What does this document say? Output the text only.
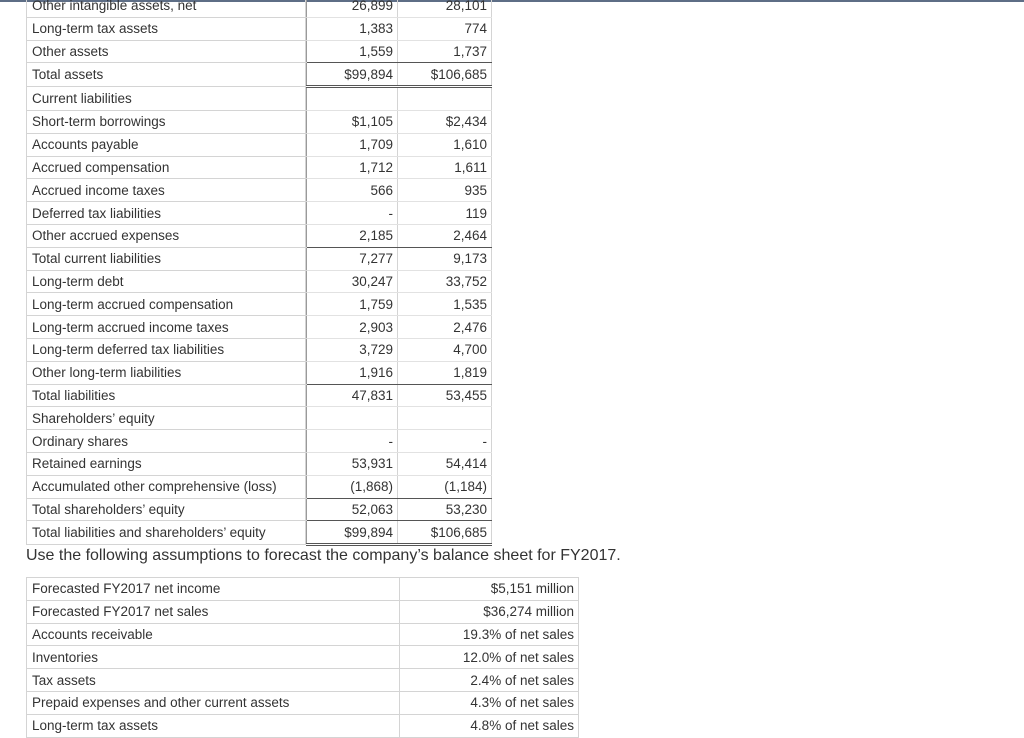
Other intangible assets, net		26,899	28,101
Long-term tax assets		1,383	774
Other assets		1,559	1,737
Total assets		$99,894	$106,685
Current liabilities			
Short-term borrowings		$1,105	$2,434
Accounts payable		1,709	1,610
Accrued compensation		1,712	1,611
Accrued income taxes		566	935
Deferred tax liabilities		-	119
Other accrued expenses		2,185	2,464
Total current liabilities		7,277	9,173
Long-term debt		30,247	33,752
Long-term accrued compensation		1,759	1,535
Long-term accrued income taxes		2,903	2,476
Long-term deferred tax liabilities		3,729	4,700
Other long-term liabilities		1,916	1,819
Total liabilities		47,831	53,455
Shareholders’ equity			
Ordinary shares		-	-
Retained earnings		53,931	54,414
Accumulated other comprehensive (loss)		(1,868)	(1,184)
Total shareholders’ equity		52,063	53,230
Total liabilities and shareholders’ equity		$99,894	$106,685
Use the following assumptions to forecast the company’s balance sheet for FY2017.
Forecasted FY2017 net income	$5,151 million
Forecasted FY2017 net sales	$36,274 million
Accounts receivable	19.3% of net sales
Inventories	12.0% of net sales
Tax assets	2.4% of net sales
Prepaid expenses and other current assets	4.3% of net sales
Long-term tax assets	4.8% of net sales
